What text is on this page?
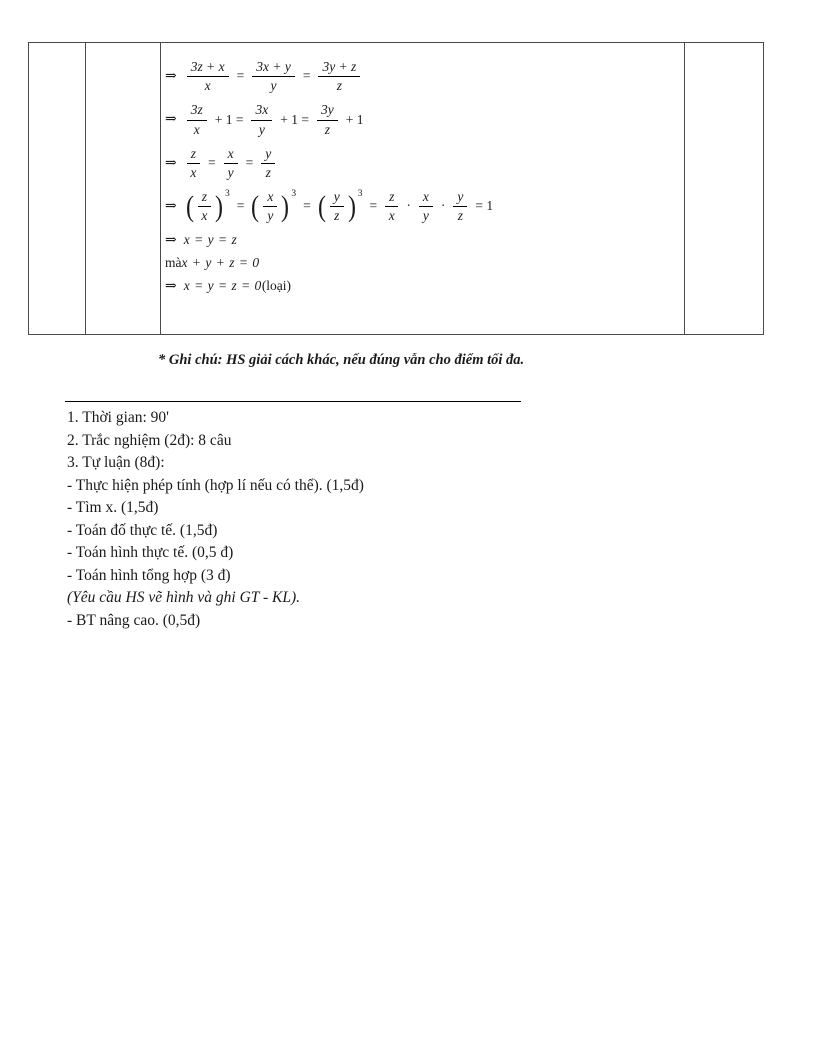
⇒ $\frac{3z + x}{x} = \frac{3x + y}{y} = \frac{3y + z}{z}$
⇒ $\frac{3z}{x} + 1 = \frac{3x}{y} + 1 = \frac{3y}{z} + 1$
⇒ $\frac{z}{x} = \frac{x}{y} = \frac{y}{z}$
⇒ ( $\frac{z}{x}$ ) 3
= ( $\frac{x}{y}$ ) 3
= ( $\frac{y}{z}$ ) 3
= $\frac{z}{x} \cdot \frac{x}{y} \cdot \frac{y}{z} = 1$
⇒ x = y = z
mà x + y + z = 0
⇒ x = y = z = 0 (loại)
* Ghi chú: HS giải cách khác, nếu đúng vẫn cho điểm tối đa.
1. Thời gian: 90'
2. Trắc nghiệm (2đ): 8 câu
3. Tự luận (8đ):
- Thực hiện phép tính (hợp lí nếu có thể). (1,5đ)
- Tìm x. (1,5đ)
- Toán đố thực tế. (1,5đ)
- Toán hình thực tế. (0,5 đ)
- Toán hình tổng hợp (3 đ)
(Yêu cầu HS vẽ hình và ghi GT - KL).
- BT nâng cao. (0,5đ)
